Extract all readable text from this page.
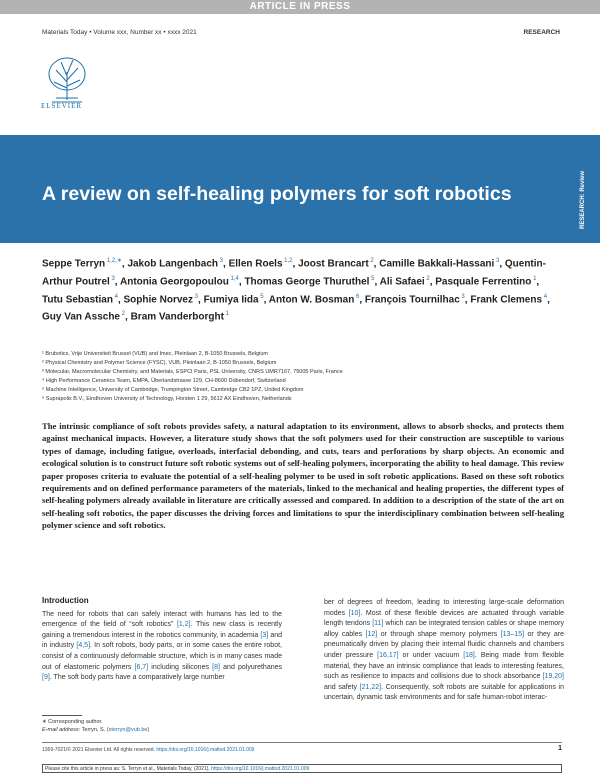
ARTICLE IN PRESS
Materials Today • Volume xxx, Number xx • xxxx 2021	RESEARCH
ELSEVIER
A review on self-healing polymers for soft robotics	RESEARCH: Review
Seppe Terryn $^{1,2,∗}$, Jakob Langenbach $^3$, Ellen Roels $^{1,2}$, Joost Brancart $^2$, Camille Bakkali-Hassani $^3$, Quentin-Arthur Poutrel $^3$, Antonia Georgopoulou $^{1,4}$, Thomas George Thuruthel $^5$, Ali Safaei $^2$, Pasquale Ferrentino $^1$, Tutu Sebastian $^4$, Sophie Norvez $^3$, Fumiya Iida $^5$, Anton W. Bosman $^6$, François Tournilhac $^3$, Frank Clemens $^4$, Guy Van Assche $^2$, Bram Vanderborght $^1$
¹ Brubotics, Vrije Universiteit Brussel (VUB) and Imec, Pleinlaan 2, B-1050 Brussels, Belgium
² Physical Chemistry and Polymer Science (FYSC), VUB, Pleinlaan 2, B-1050 Brussels, Belgium
³ Molecular, Macromolecular Chemistry, and Materials, ESPCI Paris, PSL University, CNRS UMR7167, 75005 Paris, France
⁴ High Performance Ceramics Team, EMPA, Überlandstrasse 129, CH-8600 Dübendorf, Switzerland
⁵ Machine Intelligence, University of Cambridge, Trumpington Street, Cambridge CB2 1PZ, United Kingdom
⁶ Suprapolix B.V., Eindhoven University of Technology, Horsten 1 29, 5612 AX Eindhoven, Netherlands

The intrinsic compliance of soft robots provides safety, a natural adaptation to its environment, allows to absorb shocks, and protects them against mechanical impacts. However, a literature study shows that the soft polymers used for their construction are susceptible to various types of damage, including fatigue, overloads, interfacial debonding, and cuts, tears and perforations by sharp objects. An economic and ecological solution is to construct future soft robotic systems out of self-healing polymers, incorporating the ability to heal damage. This review paper proposes criteria to evaluate the potential of a self-healing polymer to be used in soft robotic applications. Based on these soft robotics requirements and on defined performance parameters of the materials, linked to the mechanical and healing properties, the different types of self-healing polymers already available in literature are critically assessed and compared. In addition to a description of the state of the art on self-healing soft robotics, the paper discusses the driving forces and limitations to spur the interdisciplinary combination between self-healing polymer science and soft robotics.

Introduction

The need for robots that can safely interact with humans has led to the emergence of the field of “soft robotics” [1,2]. This new class is recently gaining a tremendous interest in the robotics community, in academia [3] and in industry [4,5]. In soft robots, body parts, or in some cases the entire robot, consist of a continuously deformable structure, which is in many cases made out of elastomeric polymers [6,7] including silicones [8] and polyurethanes [9]. The soft body parts have a comparatively large number

ber of degrees of freedom, leading to interesting large-scale deformation modes [10]. Most of these flexible devices are actuated through variable length tendons [11] which can be integrated tension cables or shape memory alloy cables [12] or through shape memory polymers [13–15] or they are pneumatically driven by placing their internal fluidic channels and chambers under pressure [16,17] or under vacuum [18]. Being made from flexible material, they have an intrinsic compliance that leads to interesting features, such as resilience to impacts and collisions due to shock absorbance [19,20] and safety [21,22]. Consequently, soft robots are suitable for applications in uncertain, dynamic task environments and for safe human-robot interac-

∗ Corresponding author.
E-mail address: Terryn, S. (sterryn@vub.be)
1369-7021/© 2021 Elsevier Ltd. All rights reserved. https://doi.org/10.1016/j.mattod.2021.01.009	1
Please cite this article in press as: S. Terryn et al., Materials Today, (2021), https://doi.org/10.1016/j.mattod.2021.01.009
